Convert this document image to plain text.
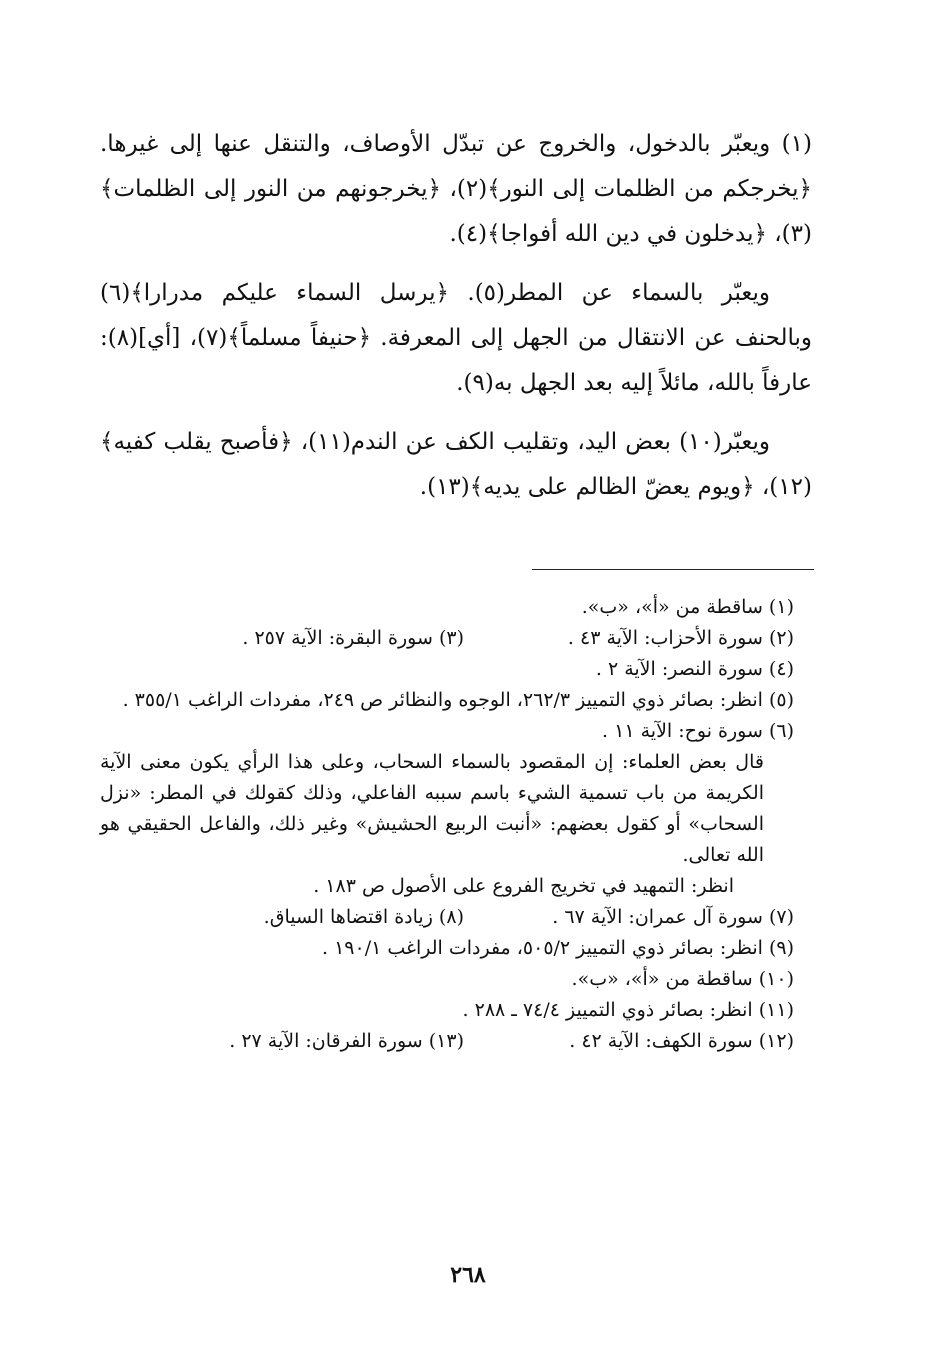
(١) ويعبّر بالدخول، والخروج عن تبدّل الأوصاف، والتنقل عنها إلى غيرها. ﴿يخرجكم من الظلمات إلى النور﴾(٢)، ﴿يخرجونهم من النور إلى الظلمات﴾(٣)، ﴿يدخلون في دين الله أفواجا﴾(٤).

ويعبّر بالسماء عن المطر(٥). ﴿يرسل السماء عليكم مدرارا﴾(٦) وبالحنف عن الانتقال من الجهل إلى المعرفة. ﴿حنيفاً مسلماً﴾(٧)، [أي](٨): عارفاً بالله، مائلاً إليه بعد الجهل به(٩).

ويعبّر(١٠) بعض اليد، وتقليب الكف عن الندم(١١)، ﴿فأصبح يقلب كفيه﴾(١٢)، ﴿ويوم يعضّ الظالم على يديه﴾(١٣).

(١) ساقطة من «أ»، «ب».

(٢) سورة الأحزاب: الآية ٤٣ .
(٣) سورة البقرة: الآية ٢٥٧ .

(٤) سورة النصر: الآية ٢ .

(٥) انظر: بصائر ذوي التمييز ٢٦٢/٣، الوجوه والنظائر ص ٢٤٩، مفردات الراغب ٣٥٥/١ .

(٦) سورة نوح: الآية ١١ .

قال بعض العلماء: إن المقصود بالسماء السحاب، وعلى هذا الرأي يكون معنى الآية الكريمة من باب تسمية الشيء باسم سببه الفاعلي، وذلك كقولك في المطر: «نزل السحاب» أو كقول بعضهم: «أنبت الربيع الحشيش» وغير ذلك، والفاعل الحقيقي هو الله تعالى.

انظر: التمهيد في تخريج الفروع على الأصول ص ١٨٣ .

(٧) سورة آل عمران: الآية ٦٧ .
(٨) زيادة اقتضاها السياق.

(٩) انظر: بصائر ذوي التمييز ٥٠٥/٢، مفردات الراغب ١٩٠/١ .

(١٠) ساقطة من «أ»، «ب».

(١١) انظر: بصائر ذوي التمييز ٧٤/٤ ـ ٢٨٨ .

(١٢) سورة الكهف: الآية ٤٢ .
(١٣) سورة الفرقان: الآية ٢٧ .

٢٦٨
